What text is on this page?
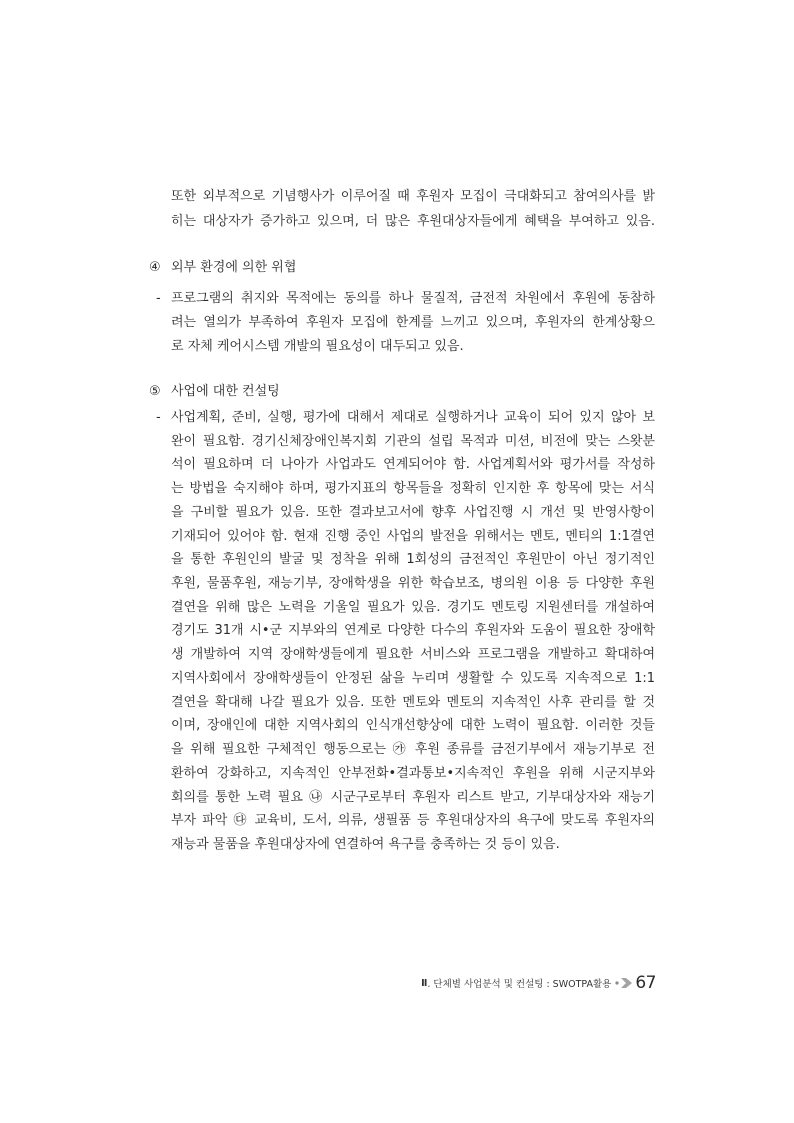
또한 외부적으로 기념행사가 이루어질 때 후원자 모집이 극대화되고 참여의사를 밝
히는 대상자가 증가하고 있으며, 더 많은 후원대상자들에게 혜택을 부여하고 있음.
④ 외부 환경에 의한 위협
- 프로그램의 취지와 목적에는 동의를 하나 물질적, 금전적 차원에서 후원에 동참하
려는 열의가 부족하여 후원자 모집에 한계를 느끼고 있으며, 후원자의 한계상황으
로 자체 케어시스템 개발의 필요성이 대두되고 있음.
⑤ 사업에 대한 컨설팅
- 사업계획, 준비, 실행, 평가에 대해서 제대로 실행하거나 교육이 되어 있지 않아 보
완이 필요함. 경기신체장애인복지회 기관의 설립 목적과 미션, 비전에 맞는 스왓분
석이 필요하며 더 나아가 사업과도 연계되어야 함. 사업계획서와 평가서를 작성하
는 방법을 숙지해야 하며, 평가지표의 항목들을 정확히 인지한 후 항목에 맞는 서식
을 구비할 필요가 있음. 또한 결과보고서에 향후 사업진행 시 개선 및 반영사항이
기재되어 있어야 함. 현재 진행 중인 사업의 발전을 위해서는 멘토, 멘티의 1:1결연
을 통한 후원인의 발굴 및 정착을 위해 1회성의 금전적인 후원만이 아닌 정기적인
후원, 물품후원, 재능기부, 장애학생을 위한 학습보조, 병의원 이용 등 다양한 후원
결연을 위해 많은 노력을 기울일 필요가 있음. 경기도 멘토링 지원센터를 개설하여
경기도 31개 시•군 지부와의 연계로 다양한 다수의 후원자와 도움이 필요한 장애학
생 개발하여 지역 장애학생들에게 필요한 서비스와 프로그램을 개발하고 확대하여
지역사회에서 장애학생들이 안정된 삶을 누리며 생활할 수 있도록 지속적으로 1:1
결연을 확대해 나갈 필요가 있음. 또한 멘토와 멘토의 지속적인 사후 관리를 할 것
이며, 장애인에 대한 지역사회의 인식개선향상에 대한 노력이 필요함. 이러한 것들
을 위해 필요한 구체적인 행동으로는 ㉮ 후원 종류를 금전기부에서 재능기부로 전
환하여 강화하고, 지속적인 안부전화•결과통보•지속적인 후원을 위해 시군지부와
회의를 통한 노력 필요 ㉯ 시군구로부터 후원자 리스트 받고, 기부대상자와 재능기
부자 파악 ㉰ 교육비, 도서, 의류, 생필품 등 후원대상자의 욕구에 맞도록 후원자의
재능과 물품을 후원대상자에 연결하여 욕구를 충족하는 것 등이 있음.
Ⅱ . 단체별 사업분석 및 컨설팅 : SWOTPA활용 67
